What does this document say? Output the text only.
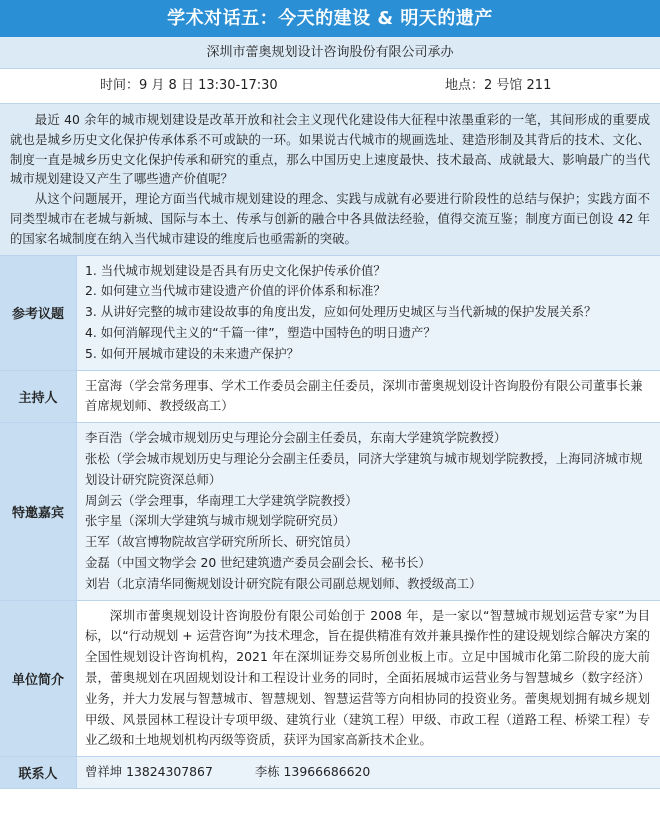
学术对话五：今天的建设 & 明天的遗产
深圳市蕾奥规划设计咨询股份有限公司承办
时间：9 月 8 日 13:30-17:30	地点：2 号馆 211

最近 40 余年的城市规划建设是改革开放和社会主义现代化建设伟大征程中浓墨重彩的一笔，其间形成的重要成就也是城乡历史文化保护传承体系不可或缺的一环。如果说古代城市的规画选址、建造形制及其背后的技术、文化、制度一直是城乡历史文化保护传承和研究的重点，那么中国历史上速度最快、技术最高、成就最大、影响最广的当代城市规划建设又产生了哪些遗产价值呢？

从这个问题展开，理论方面当代城市规划建设的理念、实践与成就有必要进行阶段性的总结与保护；实践方面不同类型城市在老城与新城、国际与本土、传承与创新的融合中各具做法经验，值得交流互鉴；制度方面已创设 42 年的国家名城制度在纳入当代城市建设的维度后也亟需新的突破。

参考议题

1. 当代城市规划建设是否具有历史文化保护传承价值？

2. 如何建立当代城市建设遗产价值的评价体系和标准？

3. 从讲好完整的城市建设故事的角度出发，应如何处理历史城区与当代新城的保护发展关系？

4. 如何消解现代主义的“千篇一律”，塑造中国特色的明日遗产？

5. 如何开展城市建设的未来遗产保护？

主持人
王富海（学会常务理事、学术工作委员会副主任委员，深圳市蕾奥规划设计咨询股份有限公司董事长兼首席规划师、教授级高工）
特邀嘉宾

李百浩（学会城市规划历史与理论分会副主任委员，东南大学建筑学院教授）

张松（学会城市规划历史与理论分会副主任委员，同济大学建筑与城市规划学院教授，上海同济城市规划设计研究院资深总师）

周剑云（学会理事，华南理工大学建筑学院教授）

张宇星（深圳大学建筑与城市规划学院研究员）

王军（故宫博物院故宫学研究所所长、研究馆员）

金磊（中国文物学会 20 世纪建筑遗产委员会副会长、秘书长）

刘岩（北京清华同衡规划设计研究院有限公司副总规划师、教授级高工）

单位简介

深圳市蕾奥规划设计咨询股份有限公司始创于 2008 年，是一家以“智慧城市规划运营专家”为目标，以“行动规划 + 运营咨询”为技术理念，旨在提供精准有效并兼具操作性的建设规划综合解决方案的全国性规划设计咨询机构，2021 年在深圳证券交易所创业板上市。立足中国城市化第二阶段的庞大前景，蕾奥规划在巩固规划设计和工程设计业务的同时，全面拓展城市运营业务与智慧城乡（数字经济）业务，并大力发展与智慧城市、智慧规划、智慧运营等方向相协同的投资业务。蕾奥规划拥有城乡规划甲级、风景园林工程设计专项甲级、建筑行业（建筑工程）甲级、市政工程（道路工程、桥梁工程）专业乙级和土地规划机构丙级等资质，获评为国家高新技术企业。

联系人	曾祥坤 13824307867	李栋 13966686620
